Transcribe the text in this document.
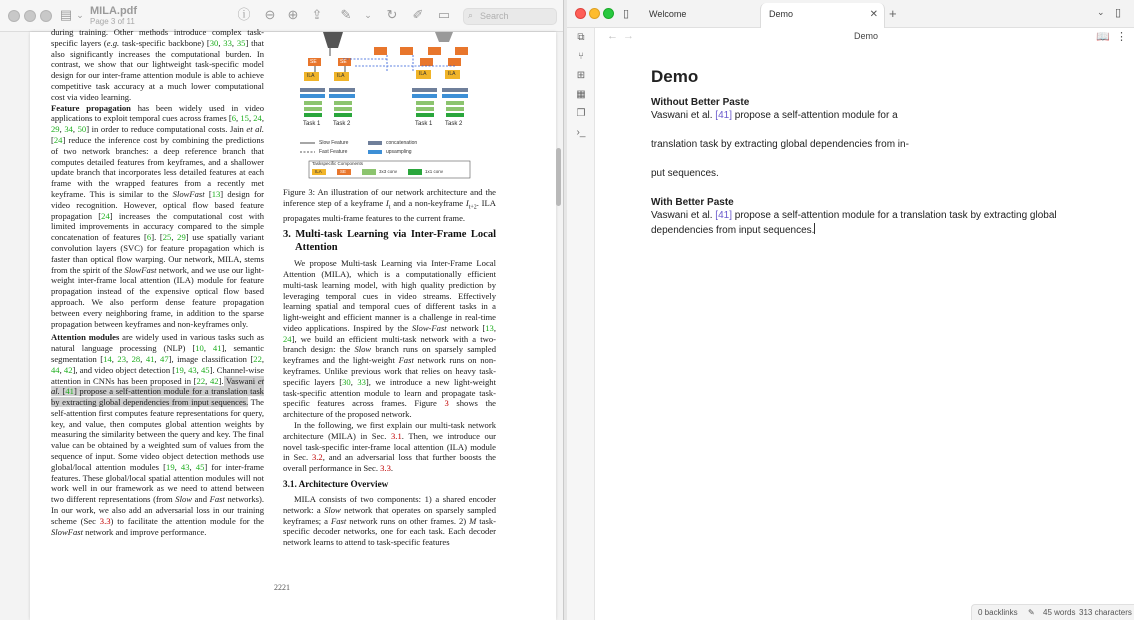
▤ ⌄ MILA.pdf
Page 3 of 11	ⓘ ⊖ ⊕ ⇪ ✎	⌄	↻ ✐ ▭	Search
⌕

during training. Other methods introduce complex task-specific layers (e.g. task-specific backbone) [30, 33, 35] that also significantly increases the computational burden. In contrast, we show that our lightweight task-specific model design for our inter-frame attention module is able to achieve competitive task accuracy at a much lower computational cost via video learning.

Feature propagation has been widely used in video applications to exploit temporal cues across frames [6, 15, 24, 29, 34, 50] in order to reduce computational costs. Jain et al. [24] reduce the inference cost by combining the predictions of two network branches: a deep reference branch that computes detailed features from keyframes, and a shallower update branch that incorporates less detailed features at each frame with the wrapped features from a recently met keyframe. This is similar to the SlowFast [13] design for video recognition. However, optical flow based feature propagation [24] increases the computational cost with limited improvements in accuracy compared to the simple concatenation of features [6]. [25, 29] use spatially variant convolution layers (SVC) for feature propagation which is faster than optical flow warping. Our network, MILA, stems from the spirit of the SlowFast network, and we use our light-weight inter-frame local attention (ILA) module for feature propagation instead of the expensive optical flow based approach. We also perform dense feature propagation between every neighboring frame, in addition to the sparse propagation between keyframes and non-keyframes only.

Attention modules are widely used in various tasks such as natural language processing (NLP) [10, 41], semantic segmentation [14, 23, 28, 41, 47], image classification [22, 44, 42], and video object detection [19, 43, 45]. Channel-wise attention in CNNs has been proposed in [22, 42]. Vaswani et al. [41] propose a self-attention module for a translation task by extracting global dependencies from input sequences. The self-attention first computes feature representations for query, key, and value, then computes global attention weights by measuring the similarity between the query and key. The final value can be obtained by a weighted sum of values from the sequence of input. Some video object detection methods use global/local attention modules [19, 43, 45] for inter-frame features. These global/local spatial attention modules will not work well in our framework as we need to attend between two different representations (from Slow and Fast networks). In our work, we also add an adversarial loss in our training scheme (Sec 3.3) to facilitate the attention module for the SlowFast network and improve performance.

SE	SE
ILA	ILA	ILA	ILA
Task 1 Task 2	Task 1 Task 2
Slow Feature
Fast Feature
concatenation
upsampling
Taskspecific Components
ILA	SE	3x3 conv	1x1 conv

Figure 3: An illustration of our network architecture and the inference step of a keyframe $I_t$ and a non-keyframe $I_{t+2}$. ILA propagates multi-frame features to the current frame.

3. Multi-task Learning via Inter-Frame Local Attention

We propose Multi-task Learning via Inter-Frame Local Attention (MILA), which is a computationally efficient multi-task learning model, with high quality prediction by leveraging temporal cues in video streams. Effectively learning spatial and temporal cues of different tasks in a light-weight and efficient manner is a challenge in real-time video applications. Inspired by the Slow-Fast network [13, 24], we build an efficient multi-task network with a two-branch design: the Slow branch runs on sparsely sampled keyframes and the light-weight Fast network runs on non-keyframes. Unlike previous work that relies on heavy task-specific layers [30, 33], we introduce a new light-weight task-specific attention module to learn and propagate task-specific features across frames. Figure 3 shows the architecture of the proposed network.

In the following, we first explain our multi-task network architecture (MILA) in Sec. 3.1. Then, we introduce our novel task-specific inter-frame local attention (ILA) module in Sec. 3.2, and an adversarial loss that further boosts the overall performance in Sec. 3.3.

3.1. Architecture Overview

MILA consists of two components: 1) a shared encoder network: a Slow network that operates on sparsely sampled keyframes; a Fast network runs on other frames. 2) M task-specific decoder networks, one for each task. Each decoder network learns to attend to task-specific features

2221
▯	Welcome	Demo	✕ +	⌄ ▯
⧉
⑂
⊞
▦
❐
›_
← →	Demo	📖 ⋮
Demo
Without Better Paste
Vaswani et al. [41] propose a self-attention module for a
translation task by extracting global dependencies from in-
put sequences.
With Better Paste
Vaswani et al. [41] propose a self-attention module for a translation task by extracting global dependencies from input sequences.
0 backlinks ✎ 45 words 313 characters
